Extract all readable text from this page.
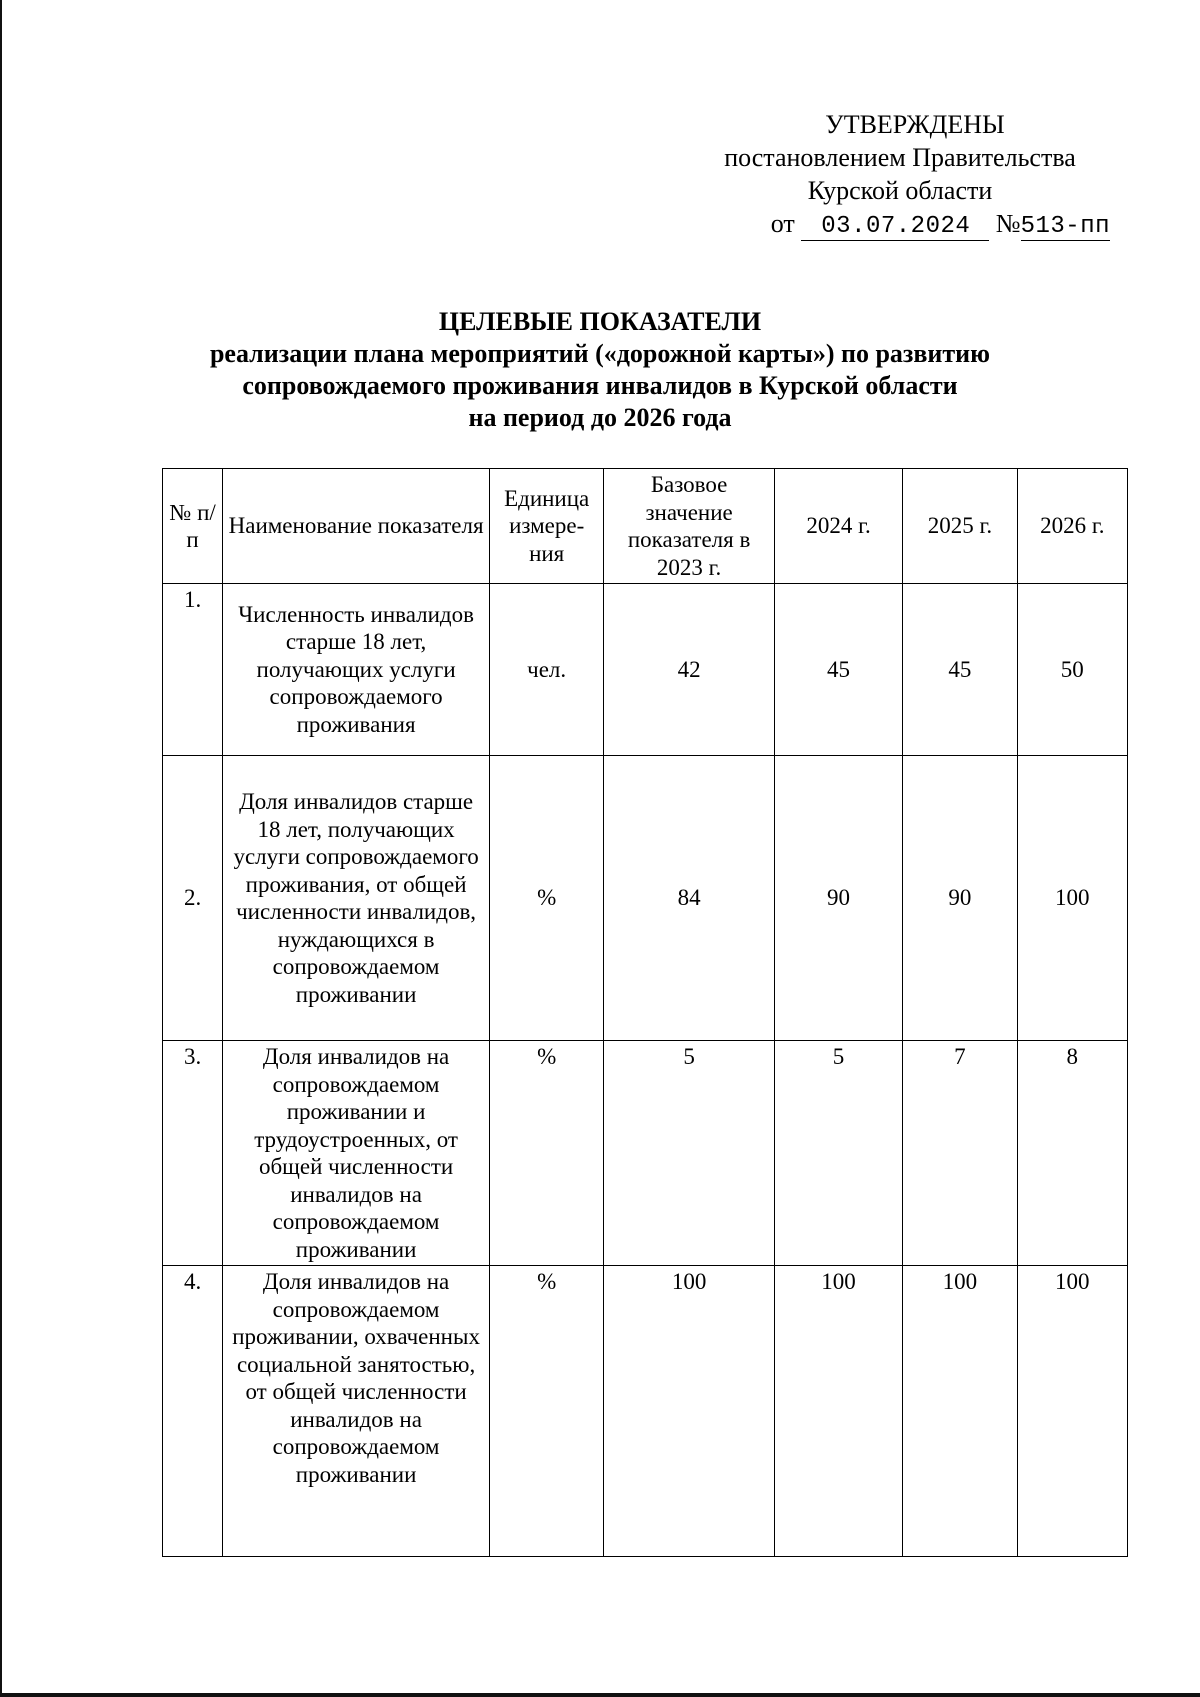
УТВЕРЖДЕНЫ
постановлением Правительства
Курской области
от 03.07.2024 №513-пп
ЦЕЛЕВЫЕ ПОКАЗАТЕЛИ
реализации плана мероприятий («дорожной карты») по развитию
сопровождаемого проживания инвалидов в Курской области
на период до 2026 года
№ п/п	Наименование показателя	Единица измере-ния	Базовое значение показателя в 2023 г.	2024 г.	2025 г.	2026 г.
1.	Численность инвалидов старше 18 лет, получающих услуги сопровождаемого проживания	чел.	42	45	45	50
2.	Доля инвалидов старше 18 лет, получающих услуги сопровождаемого проживания, от общей численности инвалидов, нуждающихся в сопровождаемом проживании	%	84	90	90	100
3.	Доля инвалидов на сопровождаемом проживании и трудоустроенных, от общей численности инвалидов на сопровождаемом проживании	%	5	5	7	8
4.	Доля инвалидов на сопровождаемом проживании, охваченных социальной занятостью, от общей численности инвалидов на сопровождаемом проживании	%	100	100	100	100
